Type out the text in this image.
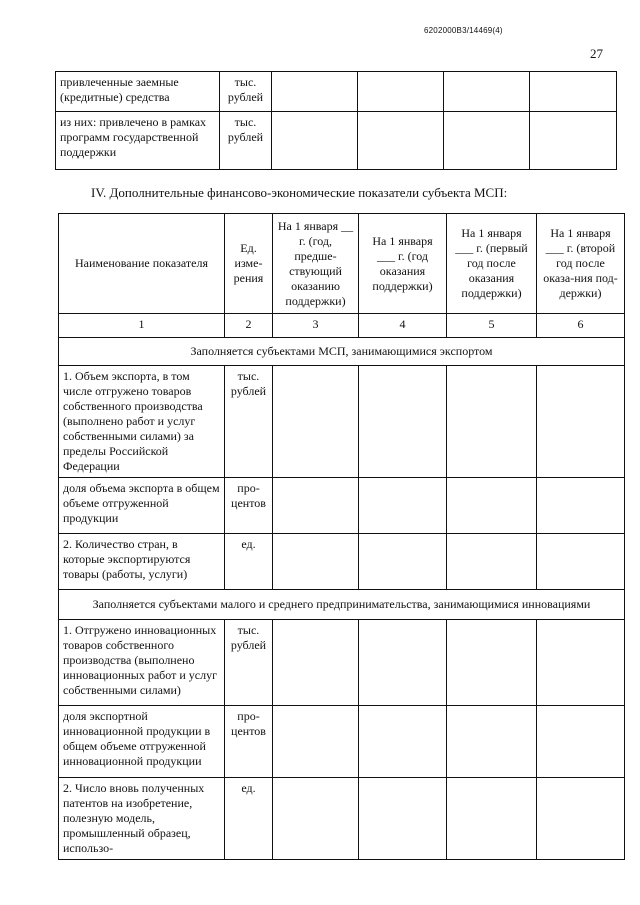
6202000B3/14469(4)
27
привлеченные заемные (кредитные) средства	тыс. рублей				
из них: привлечено в рамках программ государственной поддержки	тыс. рублей				
IV. Дополнительные финансово-экономические показатели субъекта МСП:
Наименование показателя	Ед. изме-рения	На 1 января __ г. (год, предше-ствующий оказанию поддержки)	На 1 января ___ г. (год оказания поддержки)	На 1 января ___ г. (первый год после оказания поддержки)	На 1 января ___ г. (второй год после оказа-ния под-держки)
1	2	3	4	5	6
Заполняется субъектами МСП, занимающимися экспортом					
1. Объем экспорта, в том числе отгружено товаров собственного производства (выполнено работ и услуг собственными силами) за пределы Российской Федерации	тыс. рублей				
доля объема экспорта в общем объеме отгруженной продукции	про-центов				
2. Количество стран, в которые экспортируются товары (работы, услуги)	ед.				
Заполняется субъектами малого и среднего предпринимательства, занимающимися инновациями					
1. Отгружено инновационных товаров собственного производства (выполнено инновационных работ и услуг собственными силами)	тыс. рублей				
доля экспортной инновационной продукции в общем объеме отгруженной инновационной продукции	про-центов				
2. Число вновь полученных патентов на изобретение, полезную модель, промышленный образец, использо-	ед.				
